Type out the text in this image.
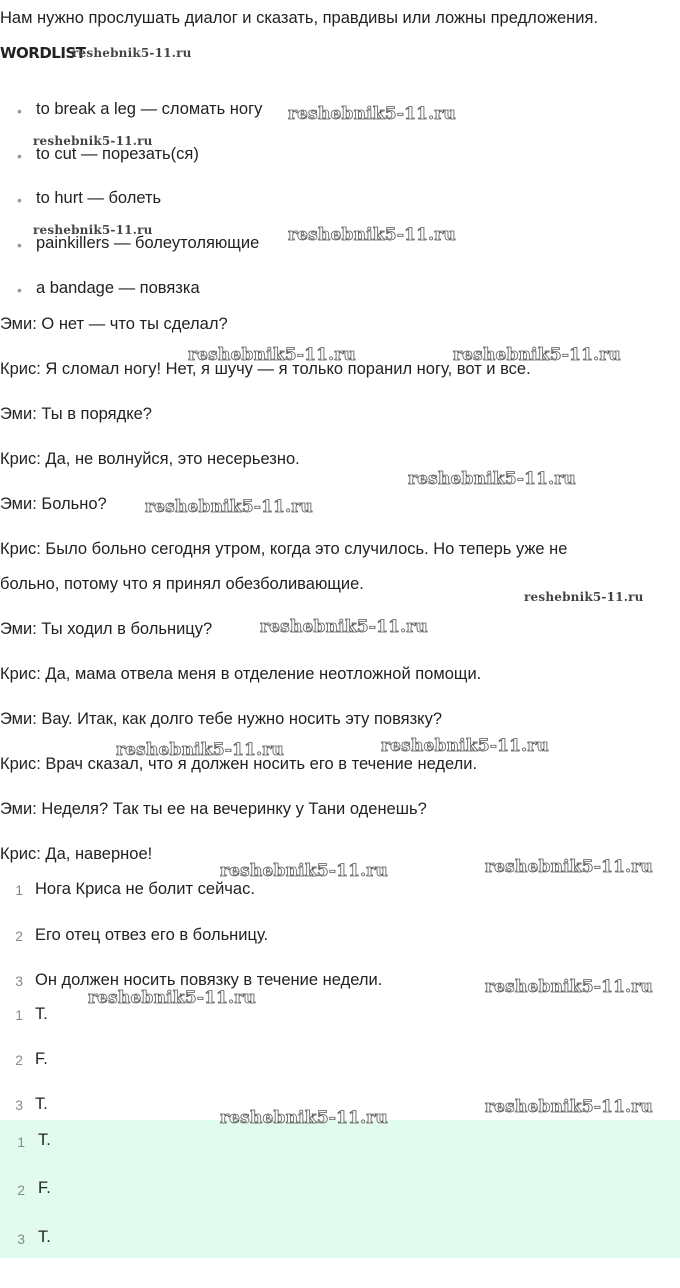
Нам нужно прослушать диалог и сказать, правдивы или ложны предложения.
WORDLIST
• to break a leg — сломать ногу
• to cut — порезать(ся)
• to hurt — болеть
• painkillers — болеутоляющие
• a bandage — повязка
Эми: О нет — что ты сделал?
Крис: Я сломал ногу! Нет, я шучу — я только поранил ногу, вот и все.
Эми: Ты в порядке?
Крис: Да, не волнуйся, это несерьезно.
Эми: Больно?
Крис: Было больно сегодня утром, когда это случилось. Но теперь уже не
больно, потому что я принял обезболивающие.
Эми: Ты ходил в больницу?
Крис: Да, мама отвела меня в отделение неотложной помощи.
Эми: Вау. Итак, как долго тебе нужно носить эту повязку?
Крис: Врач сказал, что я должен носить его в течение недели.
Эми: Неделя? Так ты ее на вечеринку у Тани оденешь?
Крис: Да, наверное!
1 Нога Криса не болит сейчас.
2 Его отец отвез его в больницу.
3 Он должен носить повязку в течение недели.
1 T.
2 F.
3 T.
1 T.
2 F.
3 T.
reshebnik5-11.ru
reshebnik5-11.ru
reshebnik5-11.ru
reshebnik5-11.ru	reshebnik5-11.ru
reshebnik5-11.ru	reshebnik5-11.ru
reshebnik5-11.ru
reshebnik5-11.ru
reshebnik5-11.ru
reshebnik5-11.ru
reshebnik5-11.ru	reshebnik5-11.ru
reshebnik5-11.ru	reshebnik5-11.ru
reshebnik5-11.ru
reshebnik5-11.ru
reshebnik5-11.ru
reshebnik5-11.ru
